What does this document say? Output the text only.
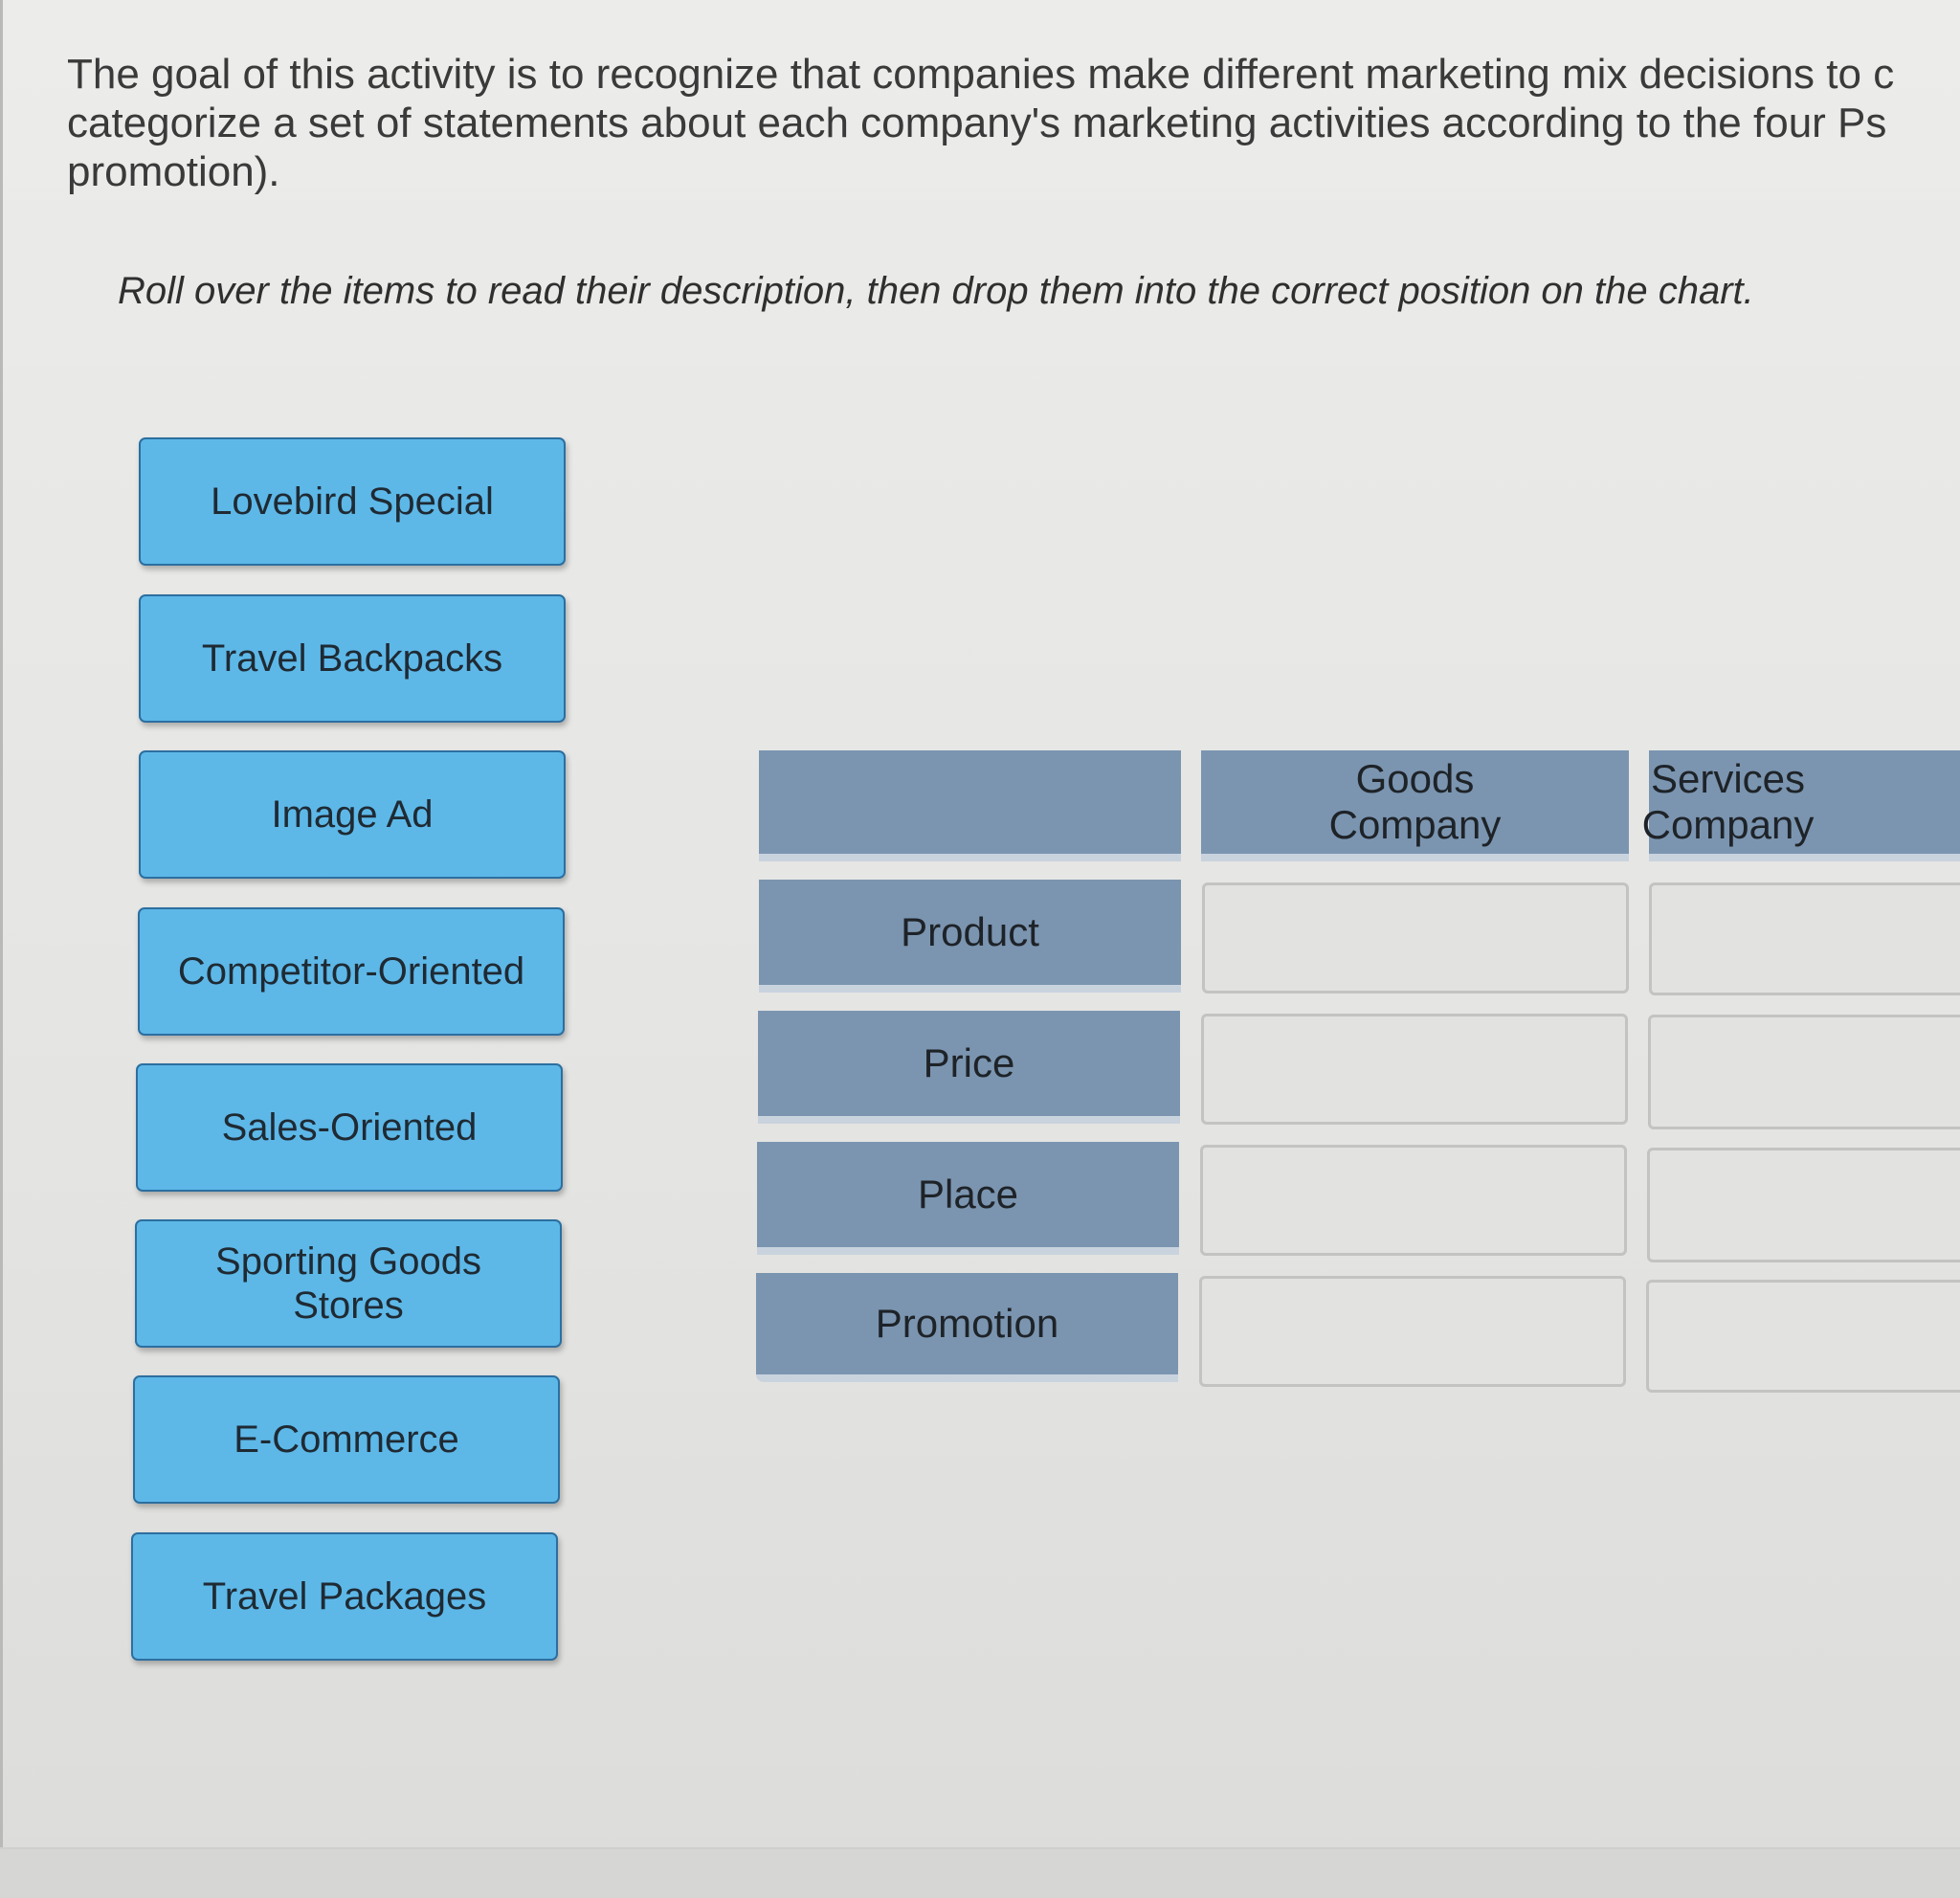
The goal of this activity is to recognize that companies make different marketing mix decisions to c
categorize a set of statements about each company's marketing activities according to the four Ps
promotion).

Roll over the items to read their description, then drop them into the correct position on the chart.

Lovebird Special
Travel Backpacks
Image Ad
Competitor-Oriented
Sales-Oriented
Sporting Goods Stores
E-Commerce
Travel Packages
Goods Company
Services Company
Product
Price
Place
Promotion
